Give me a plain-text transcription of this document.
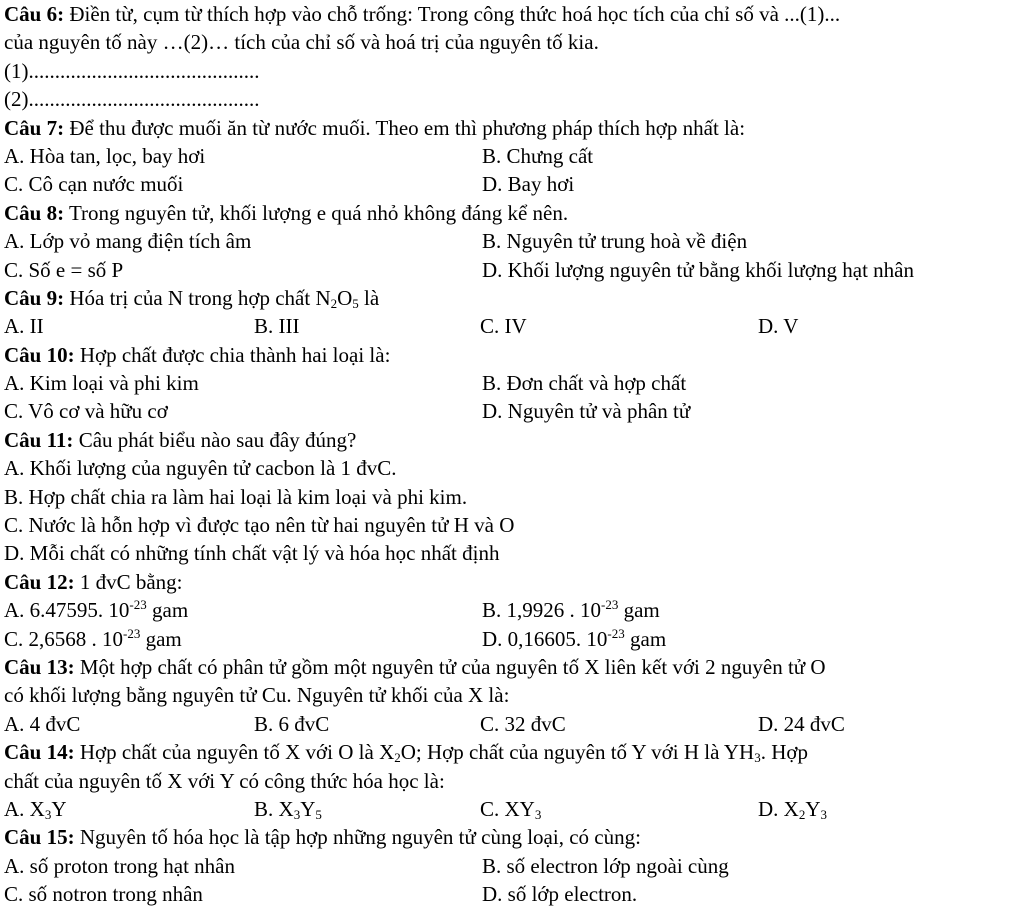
Câu 6: Điền từ, cụm từ thích hợp vào chỗ trống: Trong công thức hoá học tích của chỉ số và ...(1)...
của nguyên tố này …(2)… tích của chỉ số và hoá trị của nguyên tố kia.
(1)............................................
(2)............................................
Câu 7: Để thu được muối ăn từ nước muối. Theo em thì phương pháp thích hợp nhất là:
A. Hòa tan, lọc, bay hơi	B. Chưng cất
C. Cô cạn nước muối	D. Bay hơi
Câu 8: Trong nguyên tử, khối lượng e quá nhỏ không đáng kể nên.
A. Lớp vỏ mang điện tích âm	B. Nguyên tử trung hoà về điện
C. Số e = số P	D. Khối lượng nguyên tử bằng khối lượng hạt nhân
Câu 9: Hóa trị của N trong hợp chất $N_2O_5$ là
A. II	B. III	C. IV	D. V
Câu 10: Hợp chất được chia thành hai loại là:
A. Kim loại và phi kim	B. Đơn chất và hợp chất
C. Vô cơ và hữu cơ	D. Nguyên tử và phân tử
Câu 11: Câu phát biểu nào sau đây đúng?
A. Khối lượng của nguyên tử cacbon là 1 đvC.
B. Hợp chất chia ra làm hai loại là kim loại và phi kim.
C. Nước là hỗn hợp vì được tạo nên từ hai nguyên tử H và O
D. Mỗi chất có những tính chất vật lý và hóa học nhất định
Câu 12: 1 đvC bằng:
A. 6.47595. $10^{-23}$ gam	B. 1,9926 . $10^{-23}$ gam
C. 2,6568 . $10^{-23}$ gam	D. 0,16605. $10^{-23}$ gam
Câu 13: Một hợp chất có phân tử gồm một nguyên tử của nguyên tố X liên kết với 2 nguyên tử O
có khối lượng bằng nguyên tử Cu. Nguyên tử khối của X là:
A. 4 đvC	B. 6 đvC	C. 32 đvC	D. 24 đvC
Câu 14: Hợp chất của nguyên tố X với O là $X_2O$; Hợp chất của nguyên tố Y với H là $YH_3$. Hợp
chất của nguyên tố X với Y có công thức hóa học là:
A. $X_3Y$	B. $X_3Y_5$	C. $XY_3$	D. $X_2Y_3$
Câu 15: Nguyên tố hóa học là tập hợp những nguyên tử cùng loại, có cùng:
A. số proton trong hạt nhân	B. số electron lớp ngoài cùng
C. số notron trong nhân	D. số lớp electron.
